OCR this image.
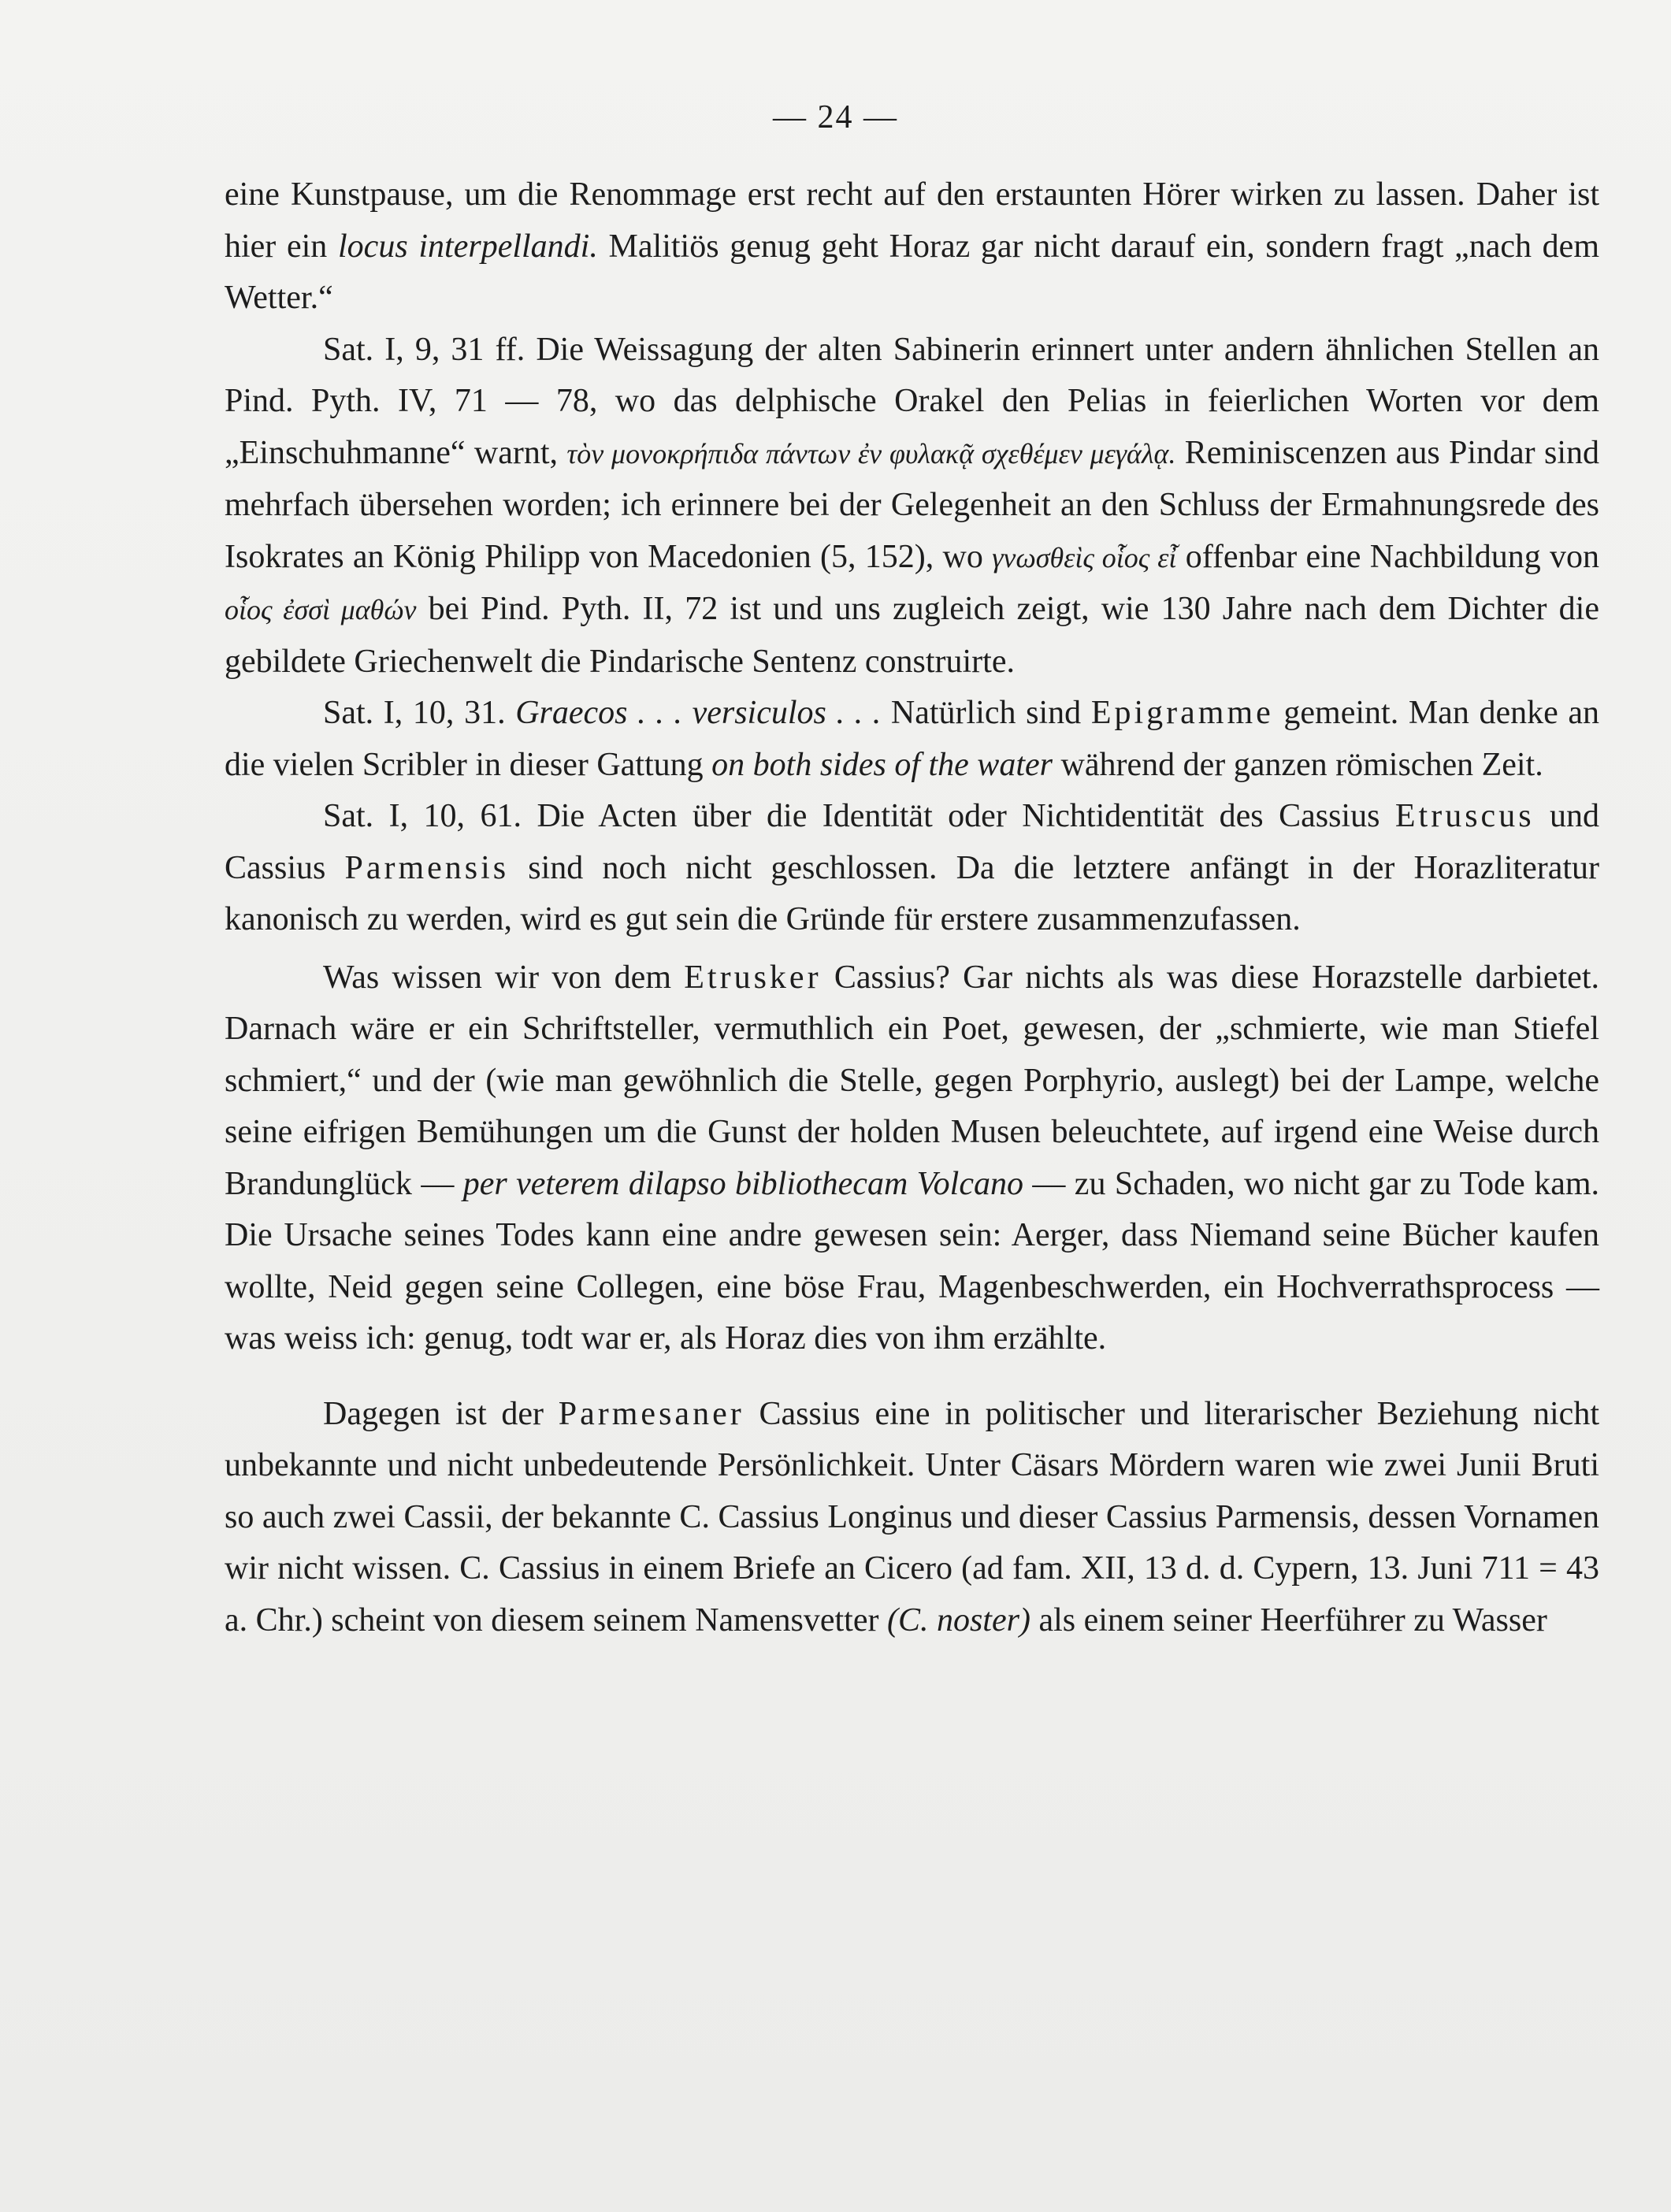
— 24 —

eine Kunstpause, um die Renommage erst recht auf den erstaunten Hörer wirken zu lassen. Daher ist hier ein locus interpellandi. Malitiös genug geht Horaz gar nicht darauf ein, sondern fragt „nach dem Wetter.“

Sat. I, 9, 31 ff. Die Weissagung der alten Sabinerin erinnert unter andern ähnlichen Stellen an Pind. Pyth. IV, 71 — 78, wo das delphische Orakel den Pelias in feierlichen Worten vor dem „Einschuhmanne“ warnt, τὸν μονοκρήπιδα πάντων ἐν φυλακᾷ σχεθέμεν μεγάλᾳ. Reminiscenzen aus Pindar sind mehrfach übersehen worden; ich erinnere bei der Gelegenheit an den Schluss der Ermahnungsrede des Isokrates an König Philipp von Macedonien (5, 152), wo γνωσθεὶς οἷος εἶ offenbar eine Nachbildung von οἷος ἐσσὶ μαθών bei Pind. Pyth. II, 72 ist und uns zugleich zeigt, wie 130 Jahre nach dem Dichter die gebildete Griechenwelt die Pindarische Sentenz construirte.

Sat. I, 10, 31. Graecos . . . versiculos . . . Natürlich sind Epigramme gemeint. Man denke an die vielen Scribler in dieser Gattung on both sides of the water während der ganzen römischen Zeit.

Sat. I, 10, 61. Die Acten über die Identität oder Nichtidentität des Cassius Etruscus und Cassius Parmensis sind noch nicht geschlossen. Da die letztere anfängt in der Horazliteratur kanonisch zu werden, wird es gut sein die Gründe für erstere zusammenzufassen.

Was wissen wir von dem Etrusker Cassius? Gar nichts als was diese Horazstelle darbietet. Darnach wäre er ein Schriftsteller, vermuthlich ein Poet, gewesen, der „schmierte, wie man Stiefel schmiert,“ und der (wie man gewöhnlich die Stelle, gegen Porphyrio, auslegt) bei der Lampe, welche seine eifrigen Bemühungen um die Gunst der holden Musen beleuchtete, auf irgend eine Weise durch Brandunglück — per veterem dilapso bibliothecam Volcano — zu Schaden, wo nicht gar zu Tode kam. Die Ursache seines Todes kann eine andre gewesen sein: Aerger, dass Niemand seine Bücher kaufen wollte, Neid gegen seine Collegen, eine böse Frau, Magenbeschwerden, ein Hochverrathsprocess — was weiss ich: genug, todt war er, als Horaz dies von ihm erzählte.

Dagegen ist der Parmesaner Cassius eine in politischer und literarischer Beziehung nicht unbekannte und nicht unbedeutende Persönlichkeit. Unter Cäsars Mördern waren wie zwei Junii Bruti so auch zwei Cassii, der bekannte C. Cassius Longinus und dieser Cassius Parmensis, dessen Vornamen wir nicht wissen. C. Cassius in einem Briefe an Cicero (ad fam. XII, 13 d. d. Cypern, 13. Juni 711 = 43 a. Chr.) scheint von diesem seinem Namensvetter (C. noster) als einem seiner Heerführer zu Wasser
